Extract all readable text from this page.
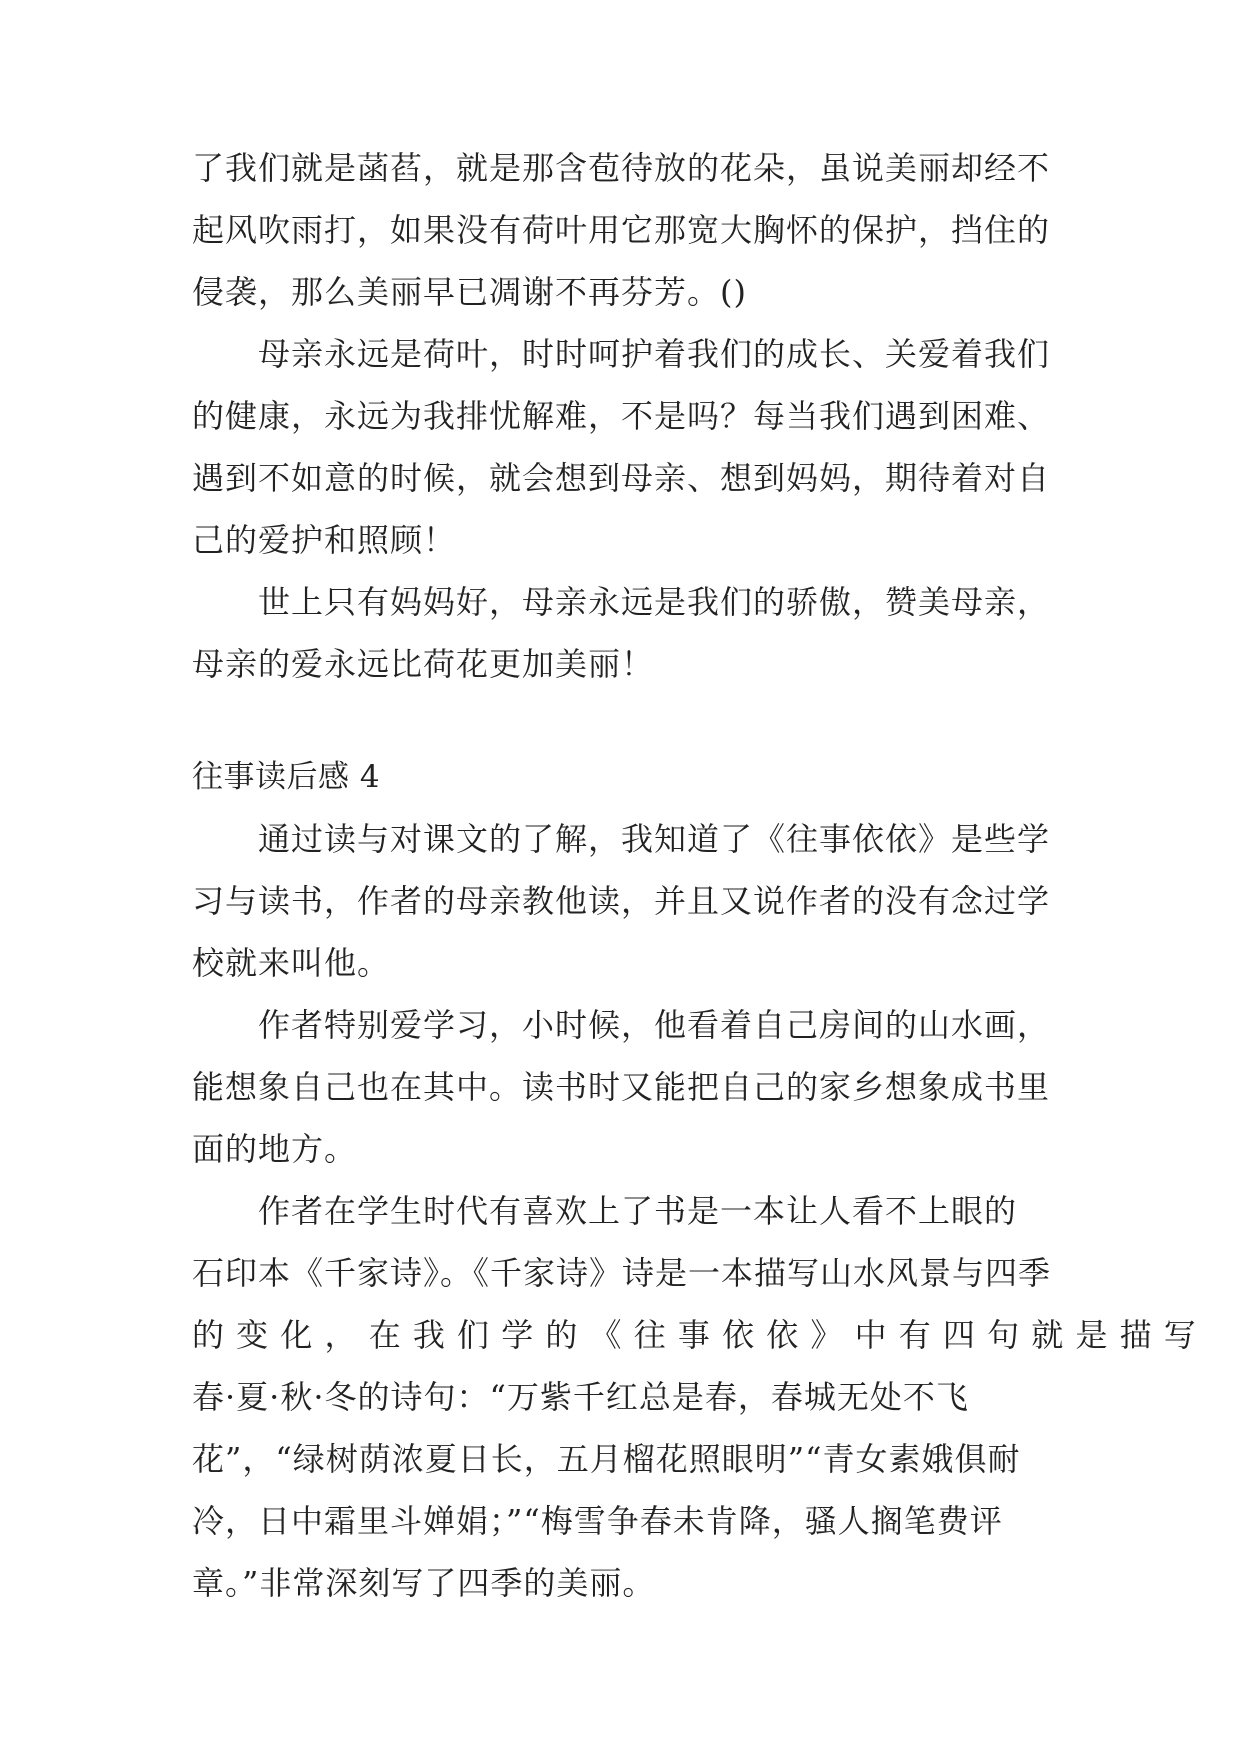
了我们就是菡萏，就是那含苞待放的花朵，虽说美丽却经不
起风吹雨打，如果没有荷叶用它那宽大胸怀的保护，挡住的
侵袭，那么美丽早已凋谢不再芬芳。()
母亲永远是荷叶，时时呵护着我们的成长、关爱着我们
的健康，永远为我排忧解难，不是吗？每当我们遇到困难、
遇到不如意的时候，就会想到母亲、想到妈妈，期待着对自
己的爱护和照顾！
世上只有妈妈好，母亲永远是我们的骄傲，赞美母亲，
母亲的爱永远比荷花更加美丽！
往事读后感 4
通过读与对课文的了解，我知道了《往事依依》是些学
习与读书，作者的母亲教他读，并且又说作者的没有念过学
校就来叫他。
作者特别爱学习，小时候，他看着自己房间的山水画，
能想象自己也在其中。读书时又能把自己的家乡想象成书里
面的地方。
作者在学生时代有喜欢上了书是一本让人看不上眼的
石印本《千家诗》。《千家诗》诗是一本描写山水风景与四季
的 变 化 ， 在 我 们 学 的 《 往 事 依 依 》 中 有 四 句 就 是 描 写
春·夏·秋·冬的诗句：“万紫千红总是春，春城无处不飞
花”，“绿树荫浓夏日长，五月榴花照眼明”“青女素娥俱耐
冷，日中霜里斗婵娟；”“梅雪争春未肯降，骚人搁笔费评
章。”非常深刻写了四季的美丽。
